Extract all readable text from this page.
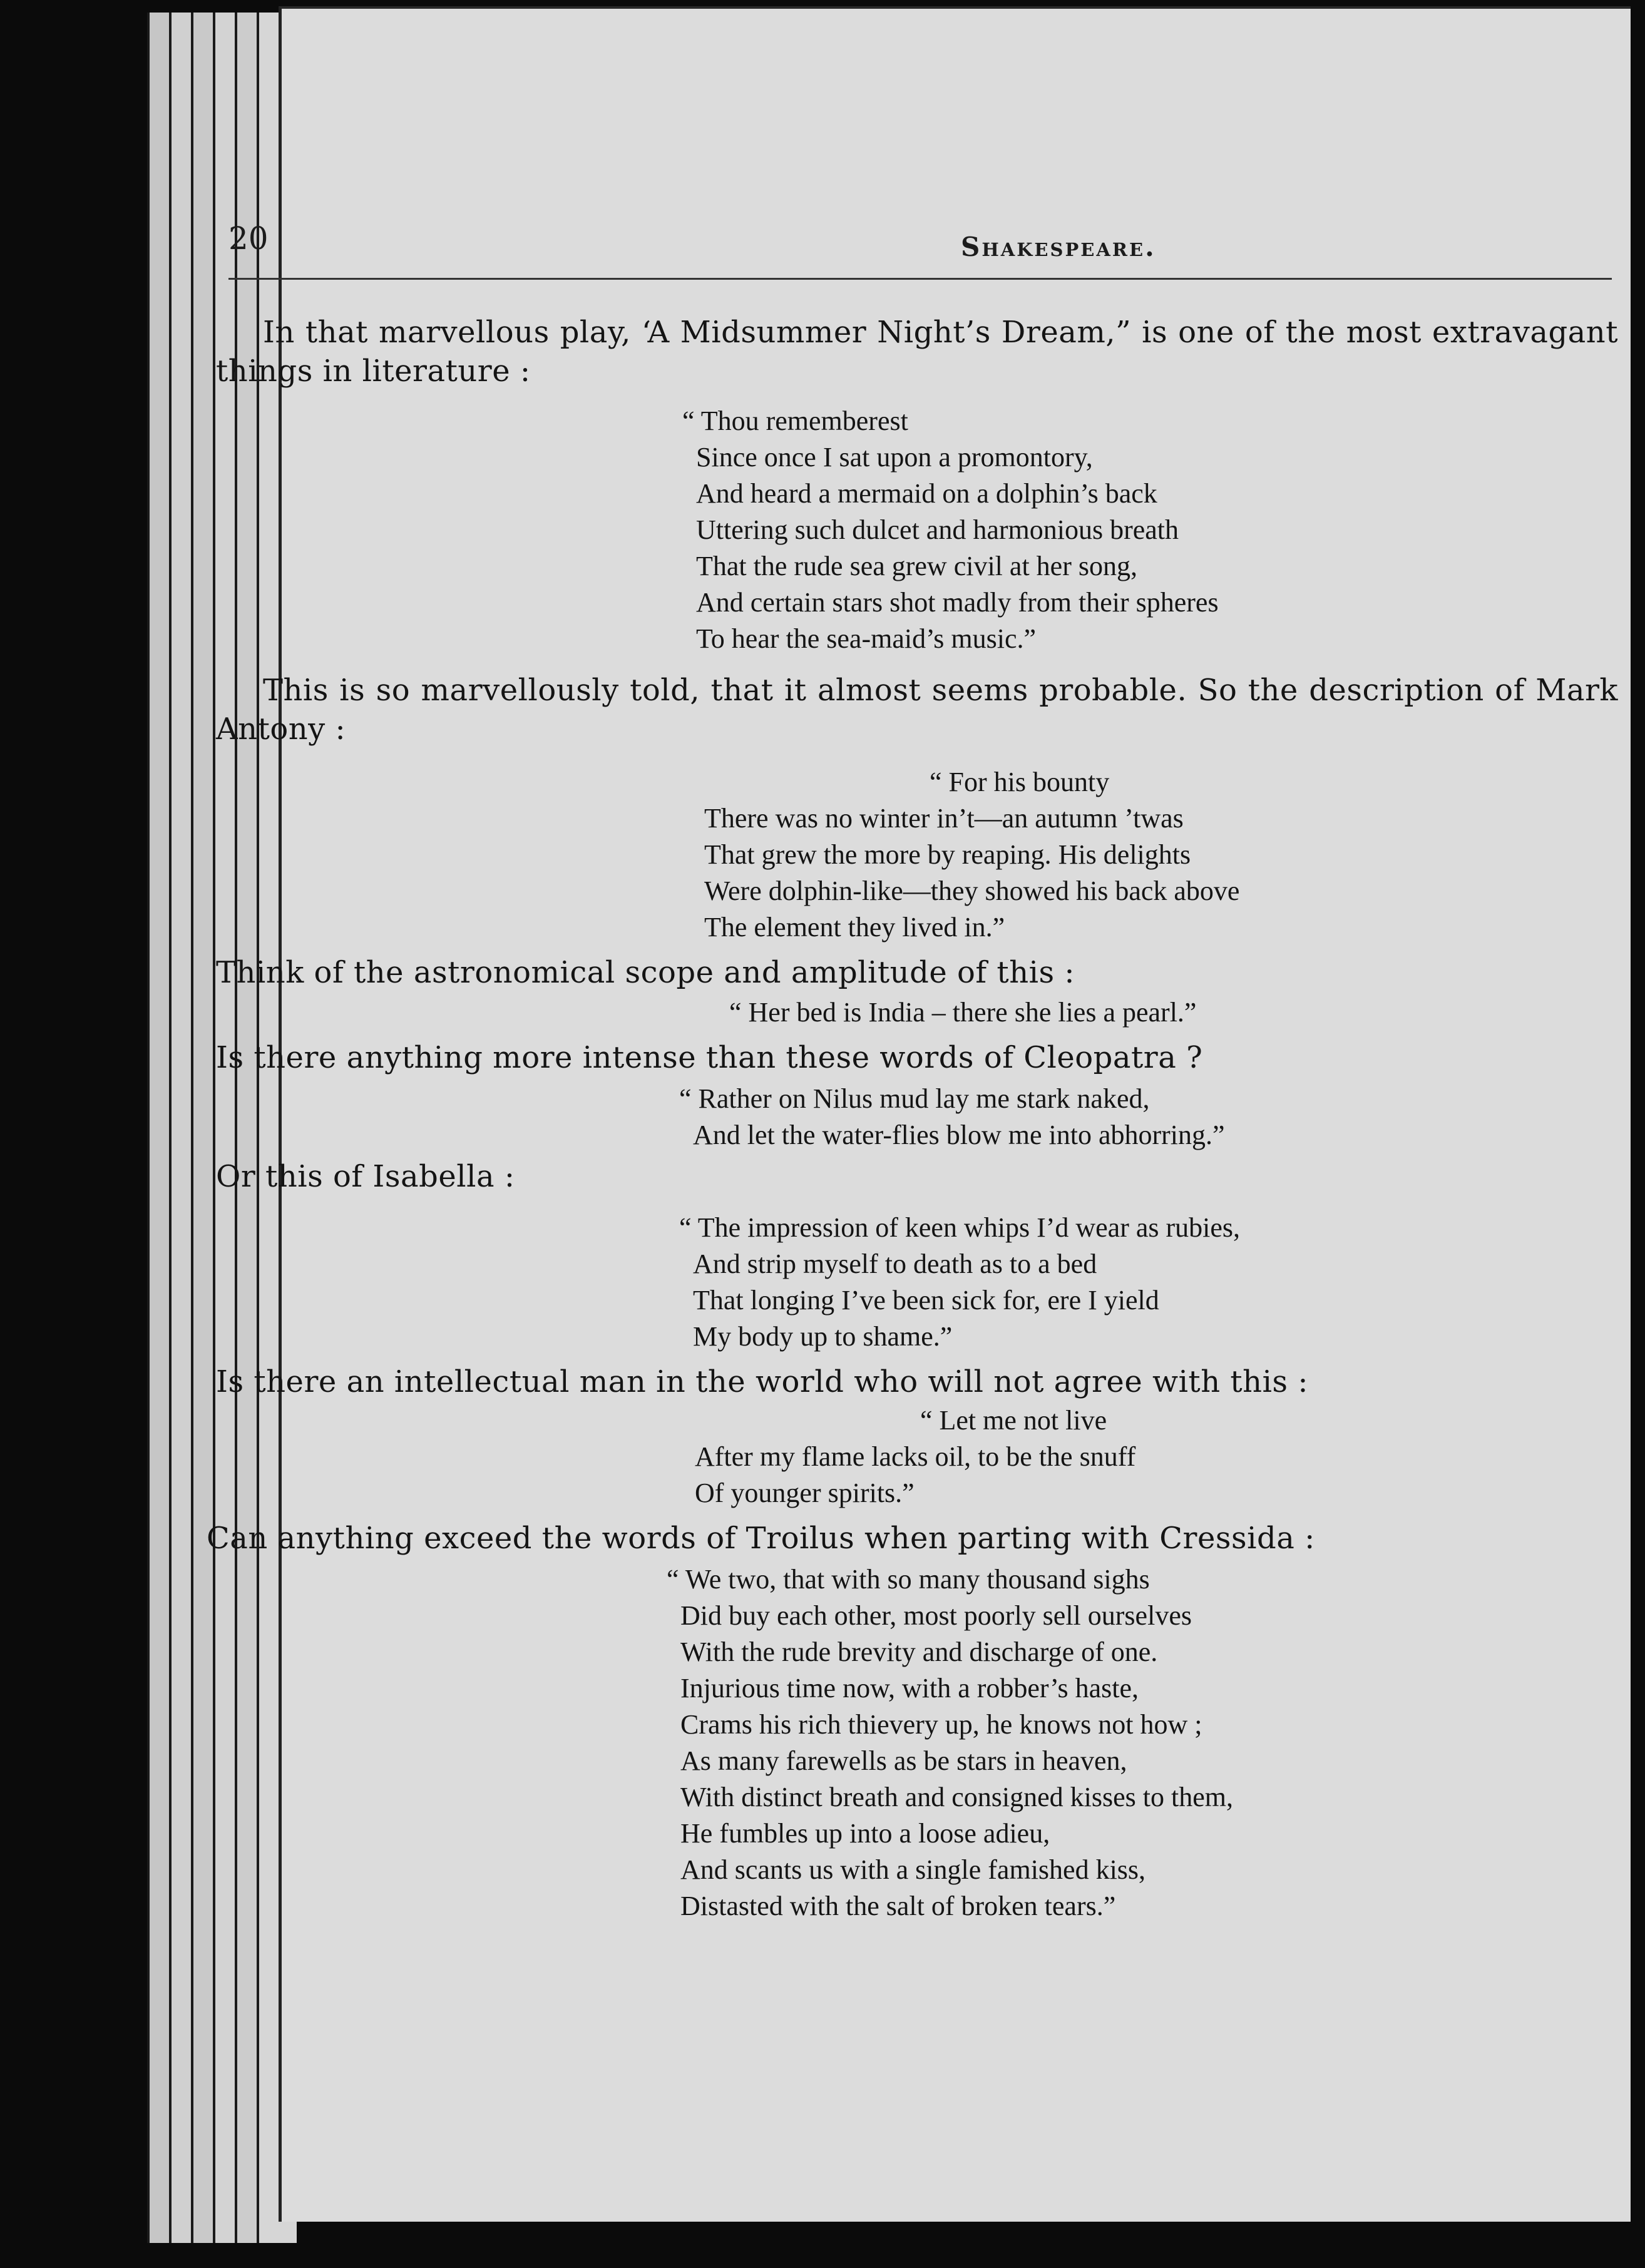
20	Shakespeare.

In that marvellous play, ‘A Midsummer Night’s Dream,” is one of the most extravagant things in literature :

“ Thou rememberest
Since once I sat upon a promontory,
And heard a mermaid on a dolphin’s back
Uttering such dulcet and harmonious breath
That the rude sea grew civil at her song,
And certain stars shot madly from their spheres
To hear the sea-maid’s music.”

This is so marvellously told, that it almost seems probable. So the description of Mark Antony :

“ For his bounty
There was no winter in’t—an autumn ’twas
That grew the more by reaping. His delights
Were dolphin-like—they showed his back above
The element they lived in.”

Think of the astronomical scope and amplitude of this :

“ Her bed is India – there she lies a pearl.”

Is there anything more intense than these words of Cleopatra ?

“ Rather on Nilus mud lay me stark naked,
And let the water-flies blow me into abhorring.”

Or this of Isabella :

“ The impression of keen whips I’d wear as rubies,
And strip myself to death as to a bed
That longing I’ve been sick for, ere I yield
My body up to shame.”

Is there an intellectual man in the world who will not agree with this :

“ Let me not live
After my flame lacks oil, to be the snuff
Of younger spirits.”

Can anything exceed the words of Troilus when parting with Cressida :

“ We two, that with so many thousand sighs
Did buy each other, most poorly sell ourselves
With the rude brevity and discharge of one.
Injurious time now, with a robber’s haste,
Crams his rich thievery up, he knows not how ;
As many farewells as be stars in heaven,
With distinct breath and consigned kisses to them,
He fumbles up into a loose adieu,
And scants us with a single famished kiss,
Distasted with the salt of broken tears.”
